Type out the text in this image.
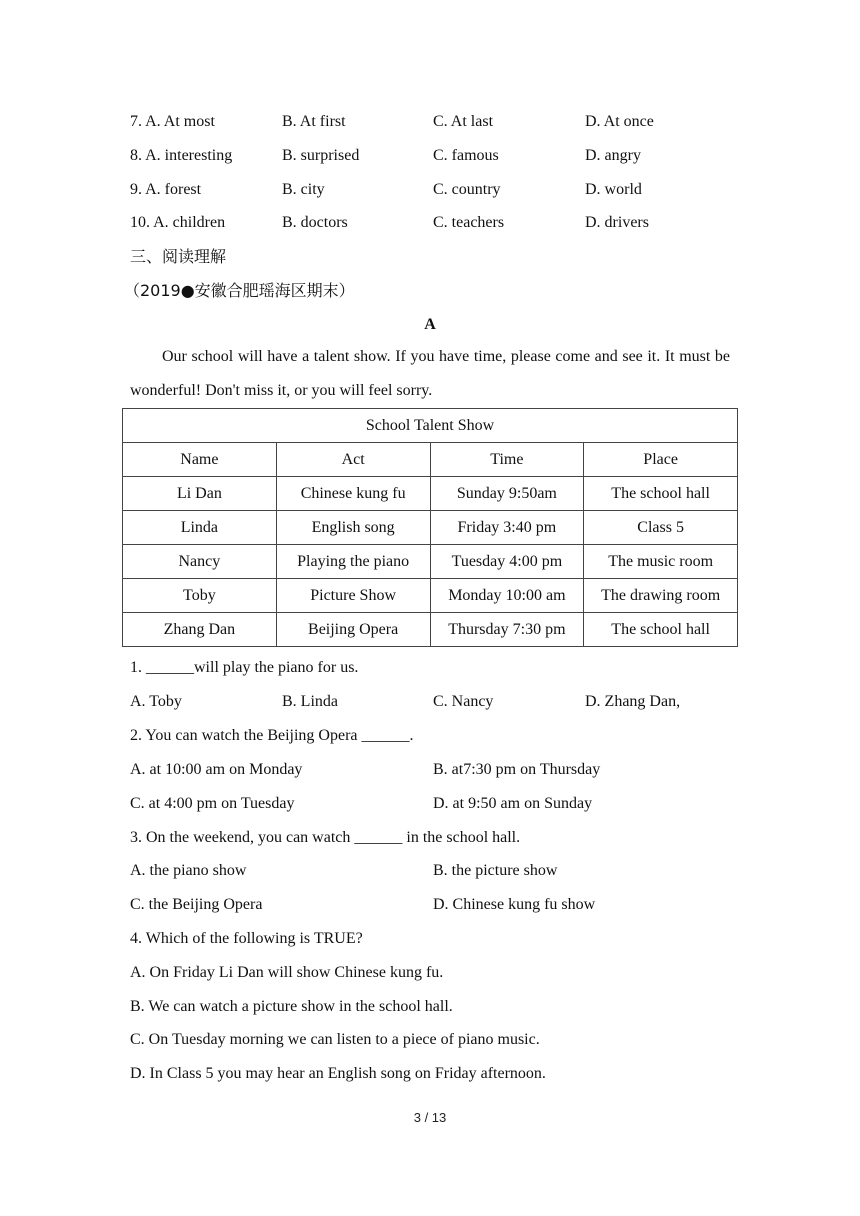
7. A. At most	B. At first	C. At last	D. At once
8. A. interesting	B. surprised	C. famous	D. angry
9. A. forest	B. city	C. country	D. world
10. A. children	B. doctors	C. teachers	D. drivers
三、阅读理解
（2019●安徽合肥瑶海区期末）
A
Our school will have a talent show. If you have time, please come and see it. It must be wonderful! Don't miss it, or you will feel sorry.
School Talent Show			
Name	Act	Time	Place
Li Dan	Chinese kung fu	Sunday 9:50am	The school hall
Linda	English song	Friday 3:40 pm	Class 5
Nancy	Playing the piano	Tuesday 4:00 pm	The music room
Toby	Picture Show	Monday 10:00 am	The drawing room
Zhang Dan	Beijing Opera	Thursday 7:30 pm	The school hall
1. ______will play the piano for us.
A. Toby	B. Linda	C. Nancy	D. Zhang Dan,
2. You can watch the Beijing Opera ______.
A. at 10:00 am on Monday	B. at7:30 pm on Thursday
C. at 4:00 pm on Tuesday	D. at 9:50 am on Sunday
3. On the weekend, you can watch ______ in the school hall.
A. the piano show	B. the picture show
C. the Beijing Opera	D. Chinese kung fu show
4. Which of the following is TRUE?
A. On Friday Li Dan will show Chinese kung fu.
B. We can watch a picture show in the school hall.
C. On Tuesday morning we can listen to a piece of piano music.
D. In Class 5 you may hear an English song on Friday afternoon.
3 / 13
